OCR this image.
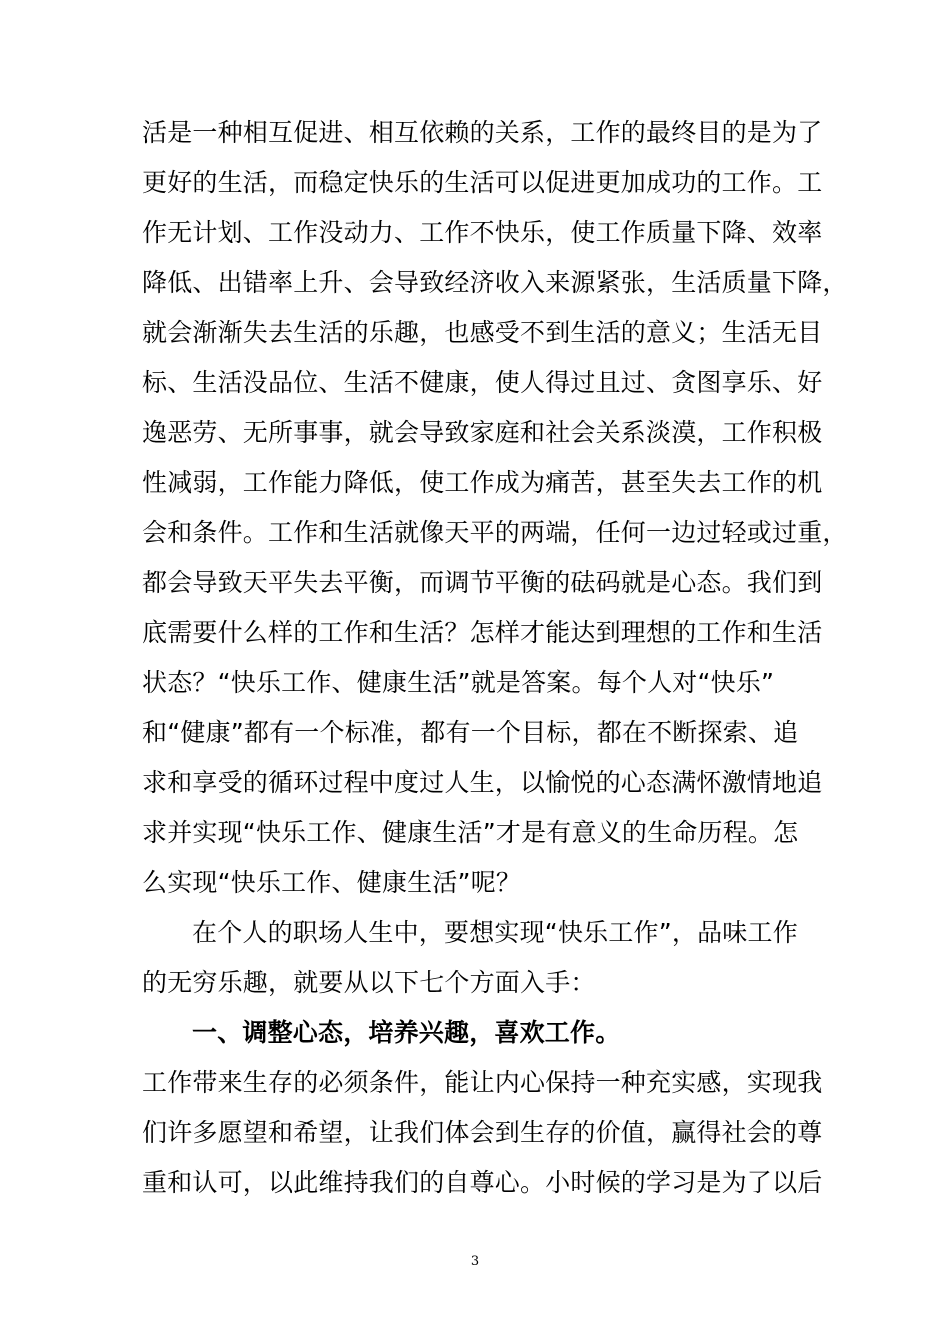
活是一种相互促进、相互依赖的关系，工作的最终目的是为了
更好的生活，而稳定快乐的生活可以促进更加成功的工作。工
作无计划、工作没动力、工作不快乐，使工作质量下降、效率
降低、出错率上升、会导致经济收入来源紧张，生活质量下降，
就会渐渐失去生活的乐趣，也感受不到生活的意义；生活无目
标、生活没品位、生活不健康，使人得过且过、贪图享乐、好
逸恶劳、无所事事，就会导致家庭和社会关系淡漠，工作积极
性减弱，工作能力降低，使工作成为痛苦，甚至失去工作的机
会和条件。工作和生活就像天平的两端，任何一边过轻或过重，
都会导致天平失去平衡，而调节平衡的砝码就是心态。我们到
底需要什么样的工作和生活？怎样才能达到理想的工作和生活
状态？“快乐工作、健康生活”就是答案。每个人对“快乐”
和“健康”都有一个标准，都有一个目标，都在不断探索、追
求和享受的循环过程中度过人生，以愉悦的心态满怀激情地追
求并实现“快乐工作、健康生活”才是有意义的生命历程。怎
么实现“快乐工作、健康生活”呢？
在个人的职场人生中，要想实现“快乐工作”，品味工作
的无穷乐趣，就要从以下七个方面入手：
一、调整心态，培养兴趣，喜欢工作。
工作带来生存的必须条件，能让内心保持一种充实感，实现我
们许多愿望和希望，让我们体会到生存的价值，赢得社会的尊
重和认可，以此维持我们的自尊心。小时候的学习是为了以后
3
